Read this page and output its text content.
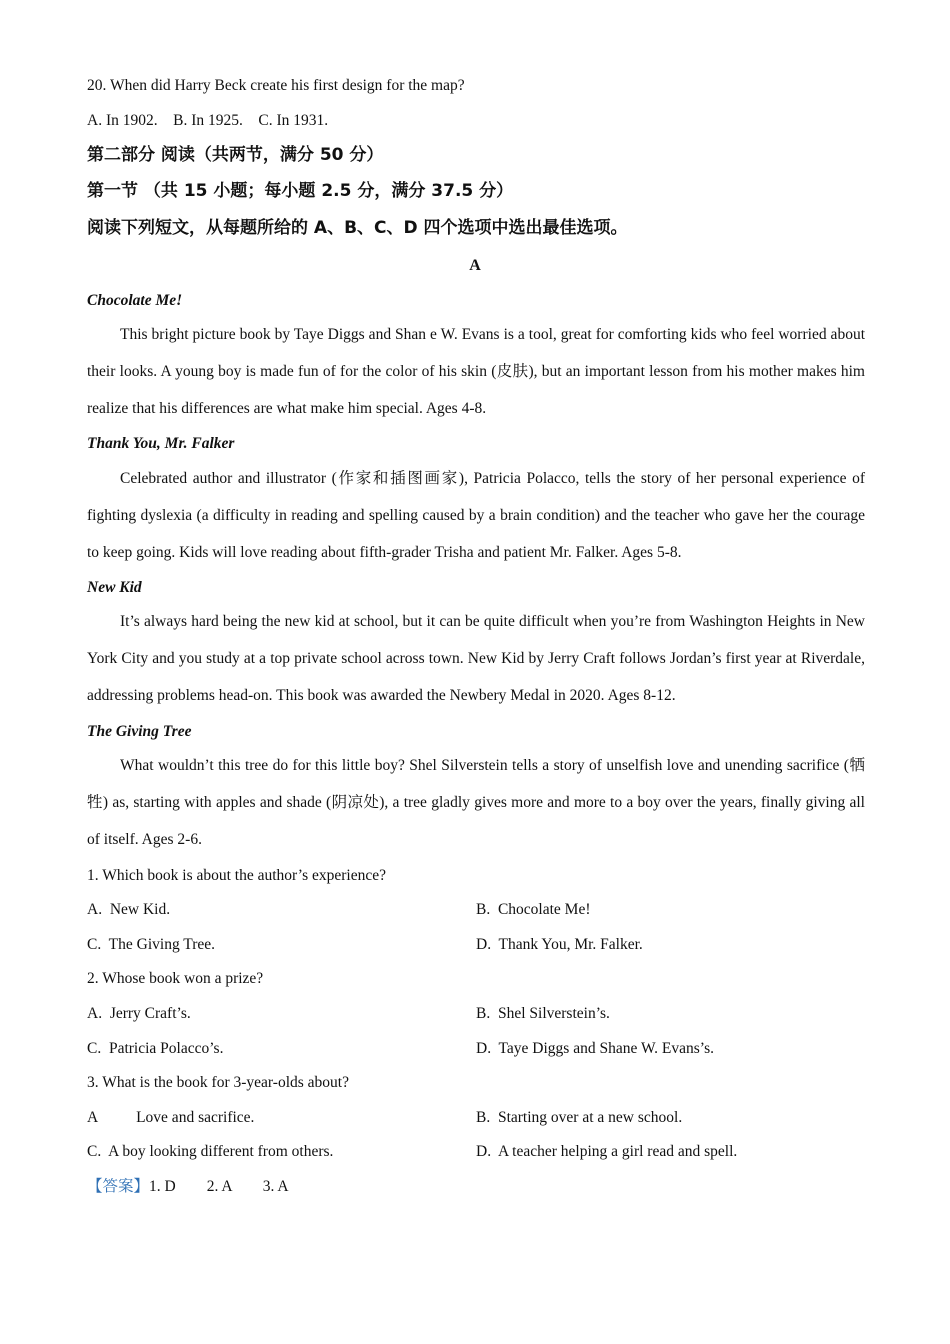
20. When did Harry Beck create his first design for the map?
A. In 1902.    B. In 1925.    C. In 1931.
第二部分 阅读（共两节，满分 50 分）
第一节 （共 15 小题；每小题 2.5 分，满分 37.5 分）
阅读下列短文，从每题所给的 A、B、C、D 四个选项中选出最佳选项。
A
Chocolate Me!
This bright picture book by Taye Diggs and Shan e W. Evans is a tool, great for comforting kids who feel worried about their looks. A young boy is made fun of for the color of his skin (皮肤), but an important lesson from his mother makes him realize that his differences are what make him special. Ages 4-8.
Thank You, Mr. Falker
Celebrated author and illustrator (作家和插图画家), Patricia Polacco, tells the story of her personal experience of fighting dyslexia (a difficulty in reading and spelling caused by a brain condition) and the teacher who gave her the courage to keep going. Kids will love reading about fifth-grader Trisha and patient Mr. Falker. Ages 5-8.
New Kid
It’s always hard being the new kid at school, but it can be quite difficult when you’re from Washington Heights in New York City and you study at a top private school across town. New Kid by Jerry Craft follows Jordan’s first year at Riverdale, addressing problems head-on. This book was awarded the Newbery Medal in 2020. Ages 8-12.
The Giving Tree
What wouldn’t this tree do for this little boy? Shel Silverstein tells a story of unselfish love and unending sacrifice (牺牲) as, starting with apples and shade (阴凉处), a tree gladly gives more and more to a boy over the years, finally giving all of itself. Ages 2-6.
1. Which book is about the author’s experience?
A.  New Kid.	B.  Chocolate Me!
C.  The Giving Tree.	D.  Thank You, Mr. Falker.
2. Whose book won a prize?
A.  Jerry Craft’s.	B.  Shel Silverstein’s.
C.  Patricia Polacco’s.	D.  Taye Diggs and Shane W. Evans’s.
3. What is the book for 3-year-olds about?
A          Love and sacrifice.	B.  Starting over at a new school.
C.  A boy looking different from others.	D.  A teacher helping a girl read and spell.
【答案】1. D        2. A        3. A
